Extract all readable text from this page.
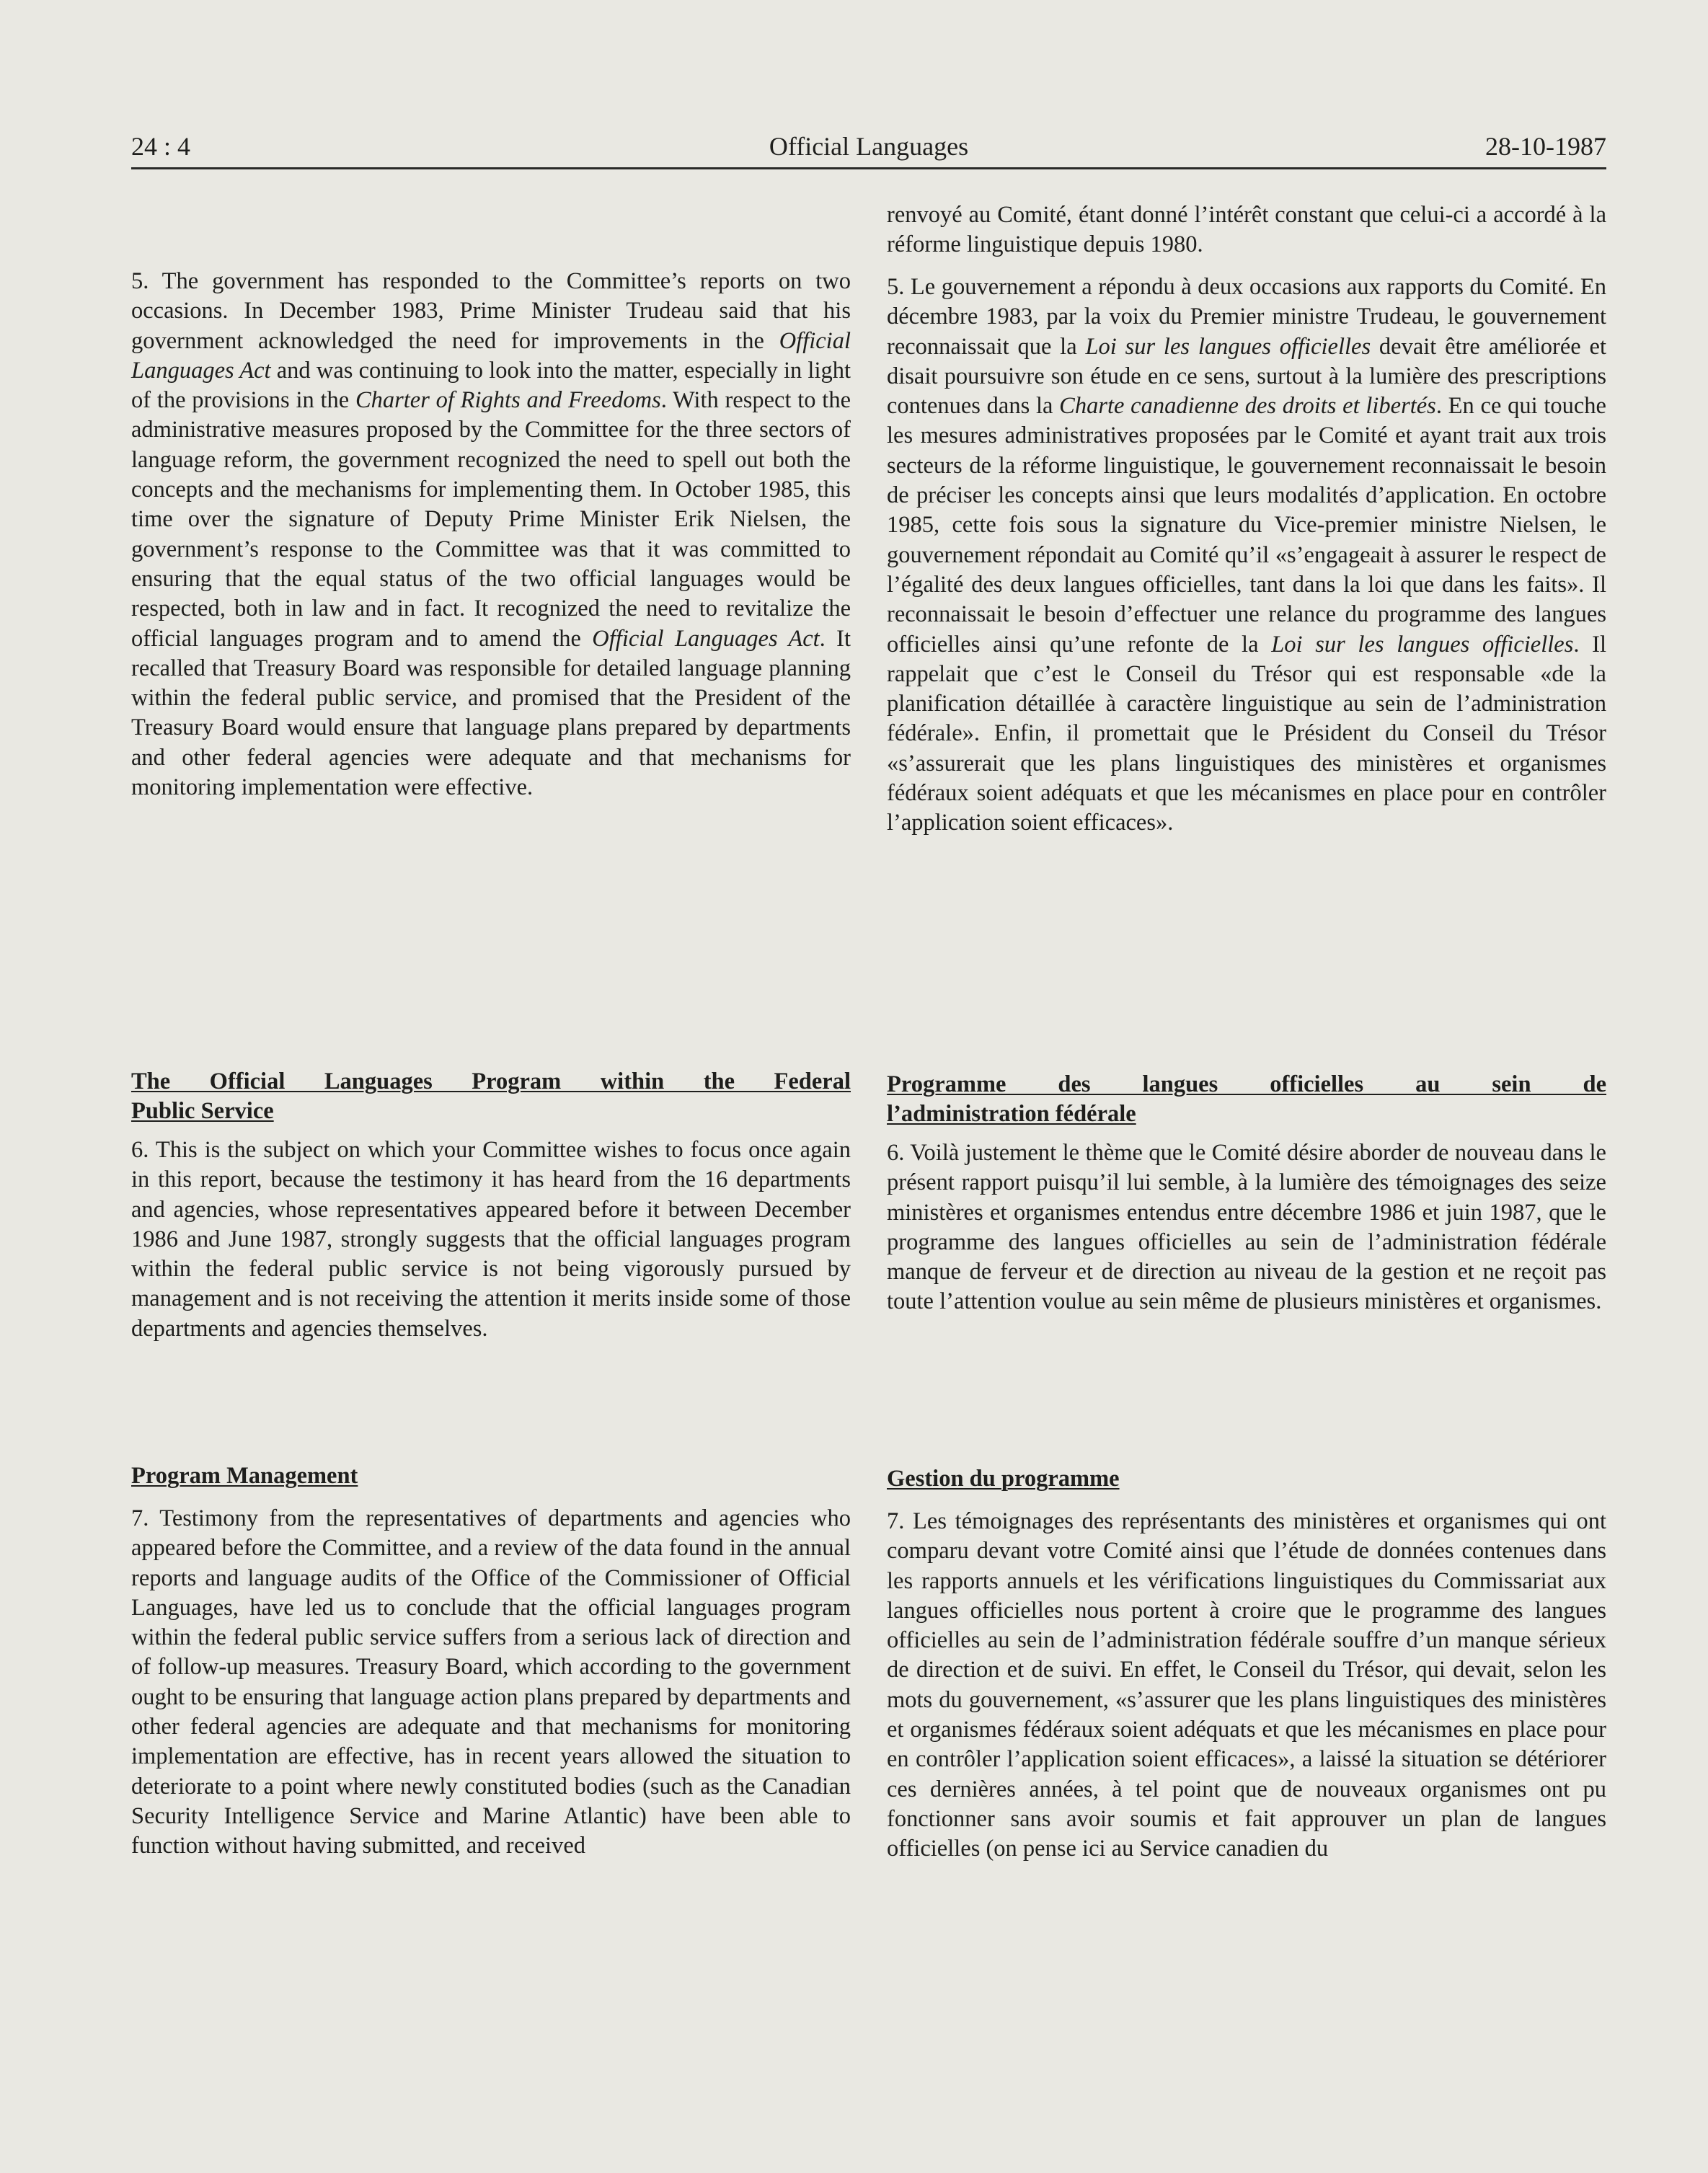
24 : 4	Official Languages	28-10-1987

5. The government has responded to the Committee’s reports on two occasions. In December 1983, Prime Minister Trudeau said that his government acknowledged the need for improvements in the Official Languages Act and was continuing to look into the matter, especially in light of the provisions in the Charter of Rights and Freedoms. With respect to the administrative measures proposed by the Committee for the three sectors of language reform, the government recognized the need to spell out both the concepts and the mechanisms for implementing them. In October 1985, this time over the signature of Deputy Prime Minister Erik Nielsen, the government’s response to the Committee was that it was committed to ensuring that the equal status of the two official languages would be respected, both in law and in fact. It recognized the need to revitalize the official languages program and to amend the Official Languages Act. It recalled that Treasury Board was responsible for detailed language planning within the federal public service, and promised that the President of the Treasury Board would ensure that language plans prepared by departments and other federal agencies were adequate and that mechanisms for monitoring implementation were effective.

The Official Languages Program within the Federal

Public Service

6. This is the subject on which your Committee wishes to focus once again in this report, because the testimony it has heard from the 16 departments and agencies, whose representatives appeared before it between December 1986 and June 1987, strongly suggests that the official languages program within the federal public service is not being vigorously pursued by management and is not receiving the attention it merits inside some of those departments and agencies themselves.

Program Management

7. Testimony from the representatives of departments and agencies who appeared before the Committee, and a review of the data found in the annual reports and language audits of the Office of the Commissioner of Official Languages, have led us to conclude that the official languages program within the federal public service suffers from a serious lack of direction and of follow-up measures. Treasury Board, which according to the government ought to be ensuring that language action plans prepared by departments and other federal agencies are adequate and that mechanisms for monitoring implementation are effective, has in recent years allowed the situation to deteriorate to a point where newly constituted bodies (such as the Canadian Security Intelligence Service and Marine Atlantic) have been able to function without having submitted, and received

renvoyé au Comité, étant donné l’intérêt constant que celui-ci a accordé à la réforme linguistique depuis 1980.

5. Le gouvernement a répondu à deux occasions aux rapports du Comité. En décembre 1983, par la voix du Premier ministre Trudeau, le gouvernement reconnaissait que la Loi sur les langues officielles devait être améliorée et disait poursuivre son étude en ce sens, surtout à la lumière des prescriptions contenues dans la Charte canadienne des droits et libertés. En ce qui touche les mesures administratives proposées par le Comité et ayant trait aux trois secteurs de la réforme linguistique, le gouvernement reconnaissait le besoin de préciser les concepts ainsi que leurs modalités d’application. En octobre 1985, cette fois sous la signature du Vice-premier ministre Nielsen, le gouvernement répondait au Comité qu’il «s’engageait à assurer le respect de l’égalité des deux langues officielles, tant dans la loi que dans les faits». Il reconnaissait le besoin d’effectuer une relance du programme des langues officielles ainsi qu’une refonte de la Loi sur les langues officielles. Il rappelait que c’est le Conseil du Trésor qui est responsable «de la planification détaillée à caractère linguistique au sein de l’administration fédérale». Enfin, il promettait que le Président du Conseil du Trésor «s’assurerait que les plans linguistiques des ministères et organismes fédéraux soient adéquats et que les mécanismes en place pour en contrôler l’application soient efficaces».

Programme des langues officielles au sein de

l’administration fédérale

6. Voilà justement le thème que le Comité désire aborder de nouveau dans le présent rapport puisqu’il lui semble, à la lumière des témoignages des seize ministères et organismes entendus entre décembre 1986 et juin 1987, que le programme des langues officielles au sein de l’administration fédérale manque de ferveur et de direction au niveau de la gestion et ne reçoit pas toute l’attention voulue au sein même de plusieurs ministères et organismes.

Gestion du programme

7. Les témoignages des représentants des ministères et organismes qui ont comparu devant votre Comité ainsi que l’étude de données contenues dans les rapports annuels et les vérifications linguistiques du Commissariat aux langues officielles nous portent à croire que le programme des langues officielles au sein de l’administration fédérale souffre d’un manque sérieux de direction et de suivi. En effet, le Conseil du Trésor, qui devait, selon les mots du gouvernement, «s’assurer que les plans linguistiques des ministères et organismes fédéraux soient adéquats et que les mécanismes en place pour en contrôler l’application soient efficaces», a laissé la situation se détériorer ces dernières années, à tel point que de nouveaux organismes ont pu fonctionner sans avoir soumis et fait approuver un plan de langues officielles (on pense ici au Service canadien du
